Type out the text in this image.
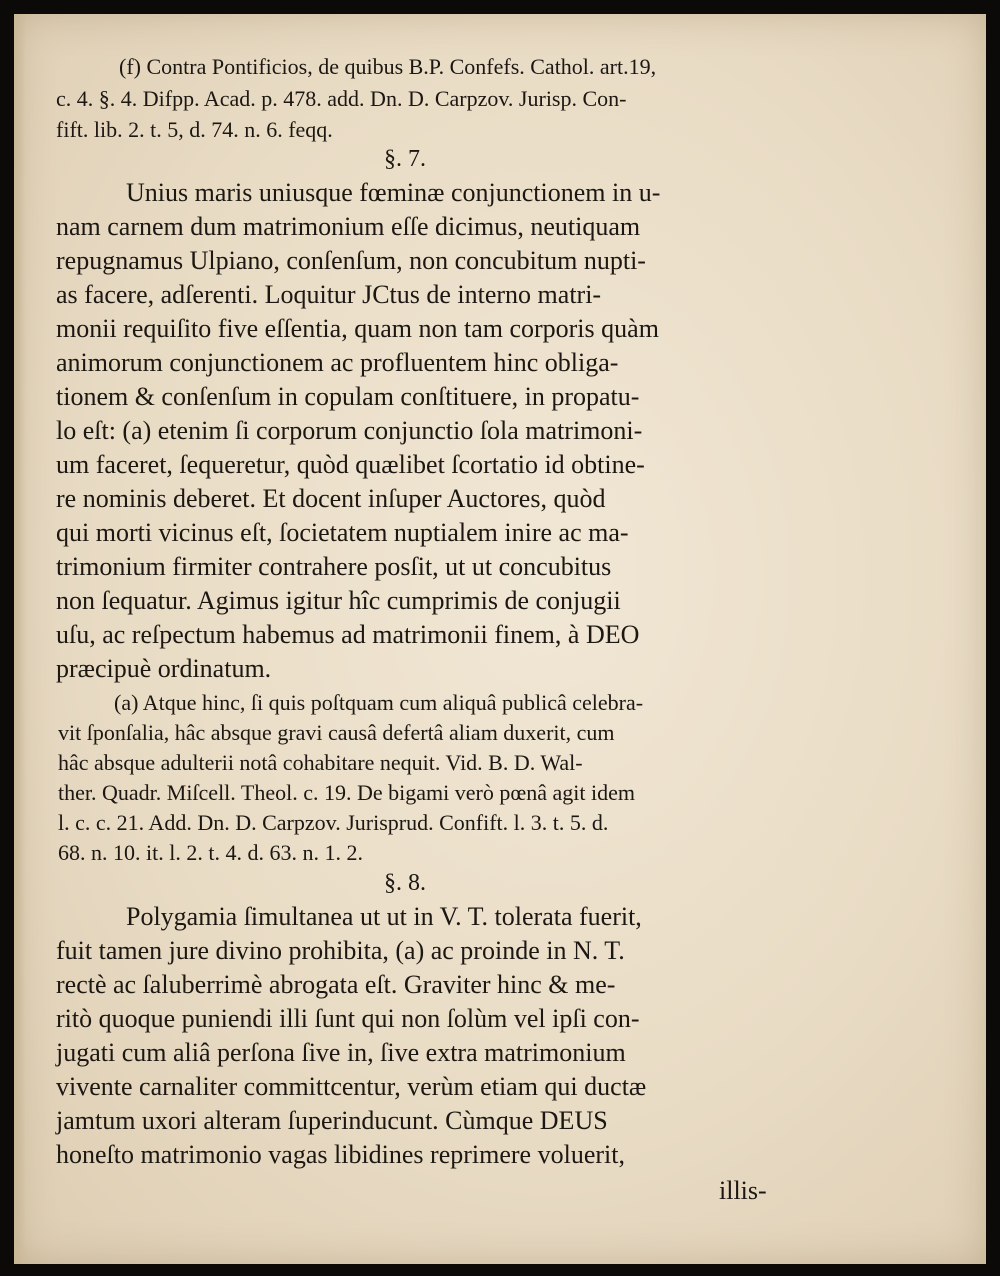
(f) Contra Pontificios, de quibus B.P. Confefs. Cathol. art.19,
c. 4. §. 4. Difpp. Acad. p. 478. add. Dn. D. Carpzov. Jurisp. Con-
fift. lib. 2. t. 5, d. 74. n. 6. feqq.
§. 7.
Unius maris uniusque fœminæ conjunctionem in u-
nam carnem dum matrimonium eſſe dicimus, neutiquam
repugnamus Ulpiano, conſenſum, non concubitum nupti-
as facere, adſerenti. Loquitur JCtus de interno matri-
monii requiſito five eſſentia, quam non tam corporis quàm
animorum conjunctionem ac profluentem hinc obliga-
tionem & conſenſum in copulam conſtituere, in propatu-
lo eſt: (a) etenim ſi corporum conjunctio ſola matrimoni-
um faceret, ſequeretur, quòd quælibet ſcortatio id obtine-
re nominis deberet. Et docent inſuper Auctores, quòd
qui morti vicinus eſt, ſocietatem nuptialem inire ac ma-
trimonium firmiter contrahere posſit, ut ut concubitus
non ſequatur. Agimus igitur hîc cumprimis de conjugii
uſu, ac reſpectum habemus ad matrimonii finem, à DEO
præcipuè ordinatum.
(a) Atque hinc, ſi quis poſtquam cum aliquâ publicâ celebra-
vit ſponſalia, hâc absque gravi causâ defertâ aliam duxerit, cum
hâc absque adulterii notâ cohabitare nequit. Vid. B. D. Wal-
ther. Quadr. Miſcell. Theol. c. 19. De bigami verò pœnâ agit idem
l. c. c. 21. Add. Dn. D. Carpzov. Jurisprud. Confift. l. 3. t. 5. d.
68. n. 10. it. l. 2. t. 4. d. 63. n. 1. 2.
§. 8.
Polygamia ſimultanea ut ut in V. T. tolerata fuerit,
fuit tamen jure divino prohibita, (a) ac proinde in N. T.
rectè ac ſaluberrimè abrogata eſt. Graviter hinc & me-
ritò quoque puniendi illi ſunt qui non ſolùm vel ipſi con-
jugati cum aliâ perſona ſive in, ſive extra matrimonium
vivente carnaliter committcentur, verùm etiam qui ductæ
jamtum uxori alteram ſuperinducunt. Cùmque DEUS
honeſto matrimonio vagas libidines reprimere voluerit,
illis-
